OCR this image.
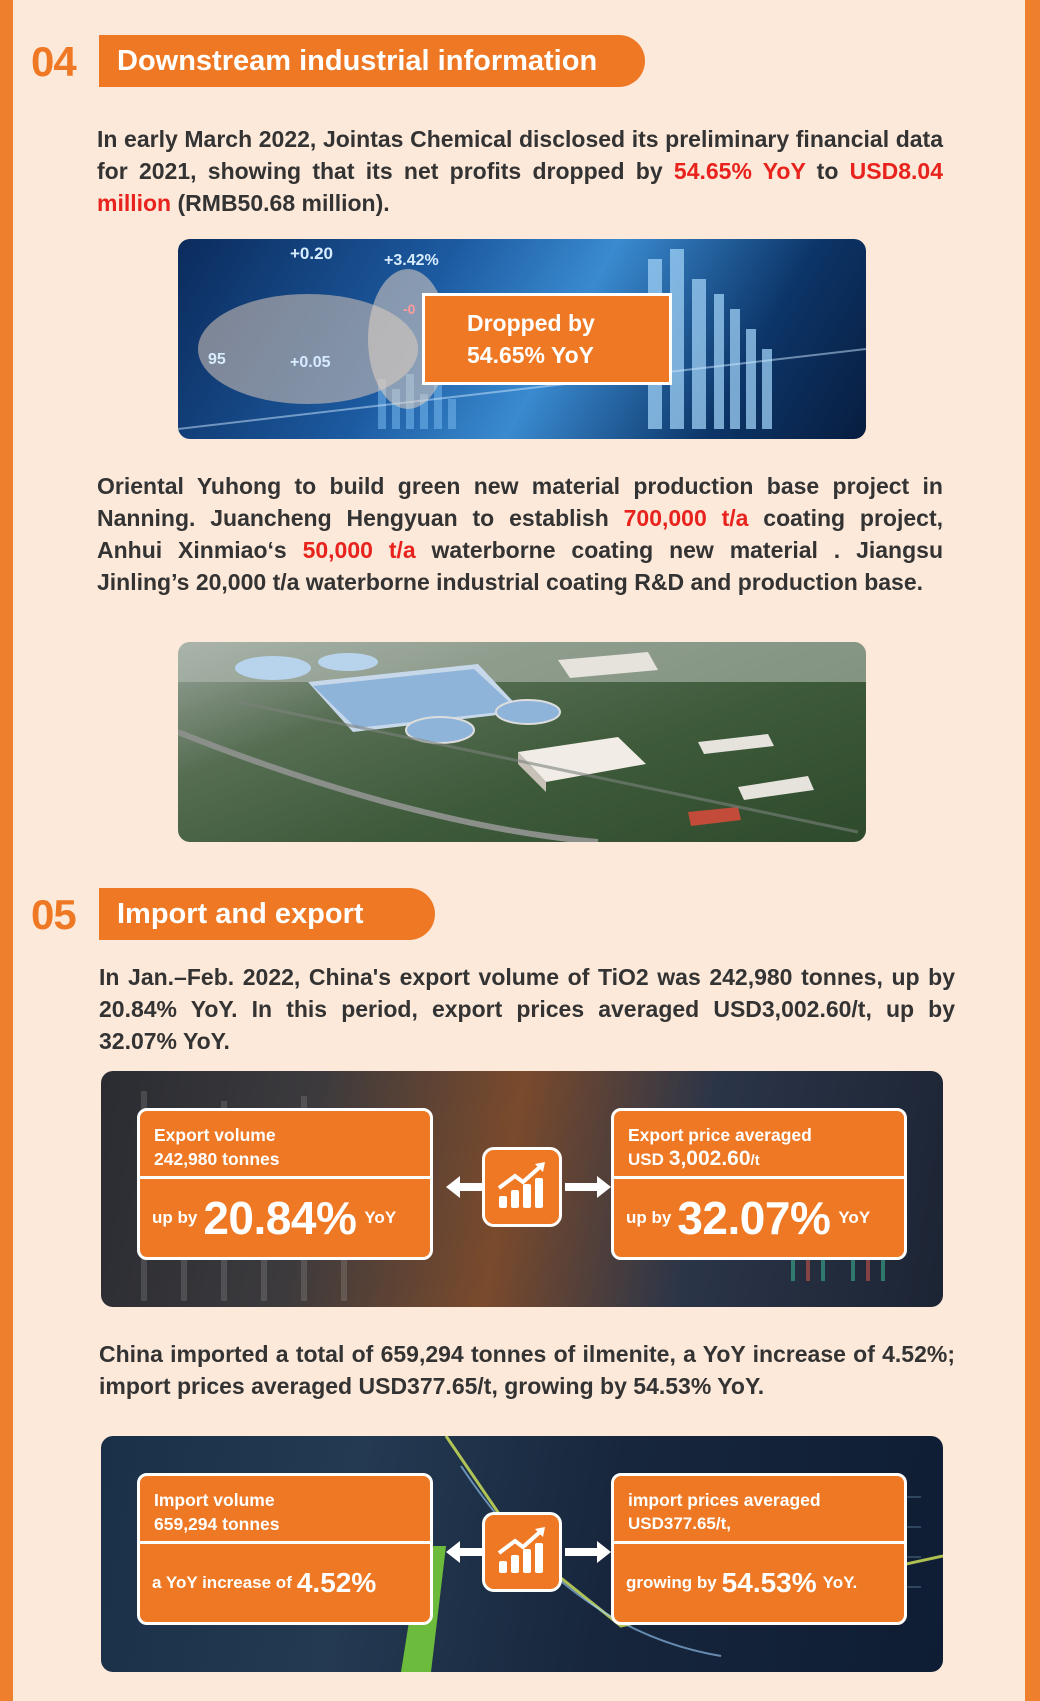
04	Downstream industrial information
In early March 2022, Jointas Chemical disclosed its preliminary financial data for 2021, showing that its net profits dropped by 54.65% YoY to USD8.04 million (RMB50.68 million).
+0.20	+3.42%
+0.05
-0
95
Dropped by
54.65% YoY
Oriental Yuhong to build green new material production base project in Nanning. Juancheng Hengyuan to establish 700,000 t/a coating project, Anhui Xinmiao‘s 50,000 t/a waterborne coating new material . Jiangsu Jinling’s 20,000 t/a waterborne industrial coating R&D and production base.
05	Import and export
In Jan.–Feb. 2022, China's export volume of TiO2 was 242,980 tonnes, up by 20.84% YoY. In this period, export prices averaged USD3,002.60/t, up by 32.07% YoY.
Export volume
242,980 tonnes
up by 20.84% YoY
Export price averaged
USD 3,002.60/t
up by 32.07% YoY
China imported a total of 659,294 tonnes of ilmenite, a YoY increase of 4.52%; import prices averaged USD377.65/t, growing by 54.53% YoY.
Import volume
659,294 tonnes
a YoY increase of 4.52%
import prices averaged
USD377.65/t,
growing by 54.53% YoY.
